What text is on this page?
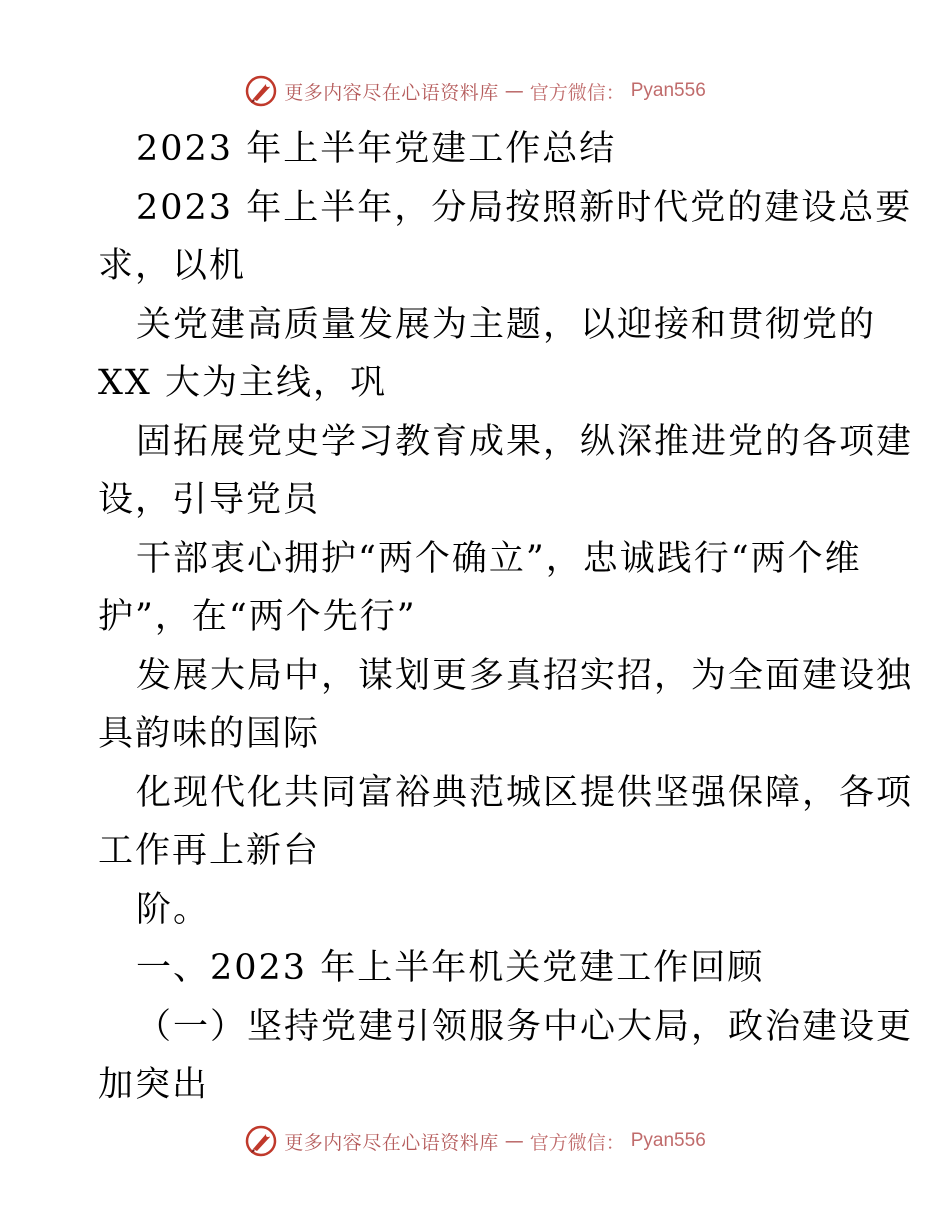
更多内容尽在心语资料库 — 官方微信： Pyan556
2023 年上半年党建工作总结
2023 年上半年，分局按照新时代党的建设总要
求，以机
关党建高质量发展为主题，以迎接和贯彻党的
XX 大为主线，巩
固拓展党史学习教育成果，纵深推进党的各项建
设，引导党员
干部衷心拥护“两个确立”，忠诚践行“两个维
护”，在“两个先行”
发展大局中，谋划更多真招实招，为全面建设独
具韵味的国际
化现代化共同富裕典范城区提供坚强保障，各项
工作再上新台
阶。
一、2023 年上半年机关党建工作回顾
（一）坚持党建引领服务中心大局，政治建设更
加突出
更多内容尽在心语资料库 — 官方微信： Pyan556
